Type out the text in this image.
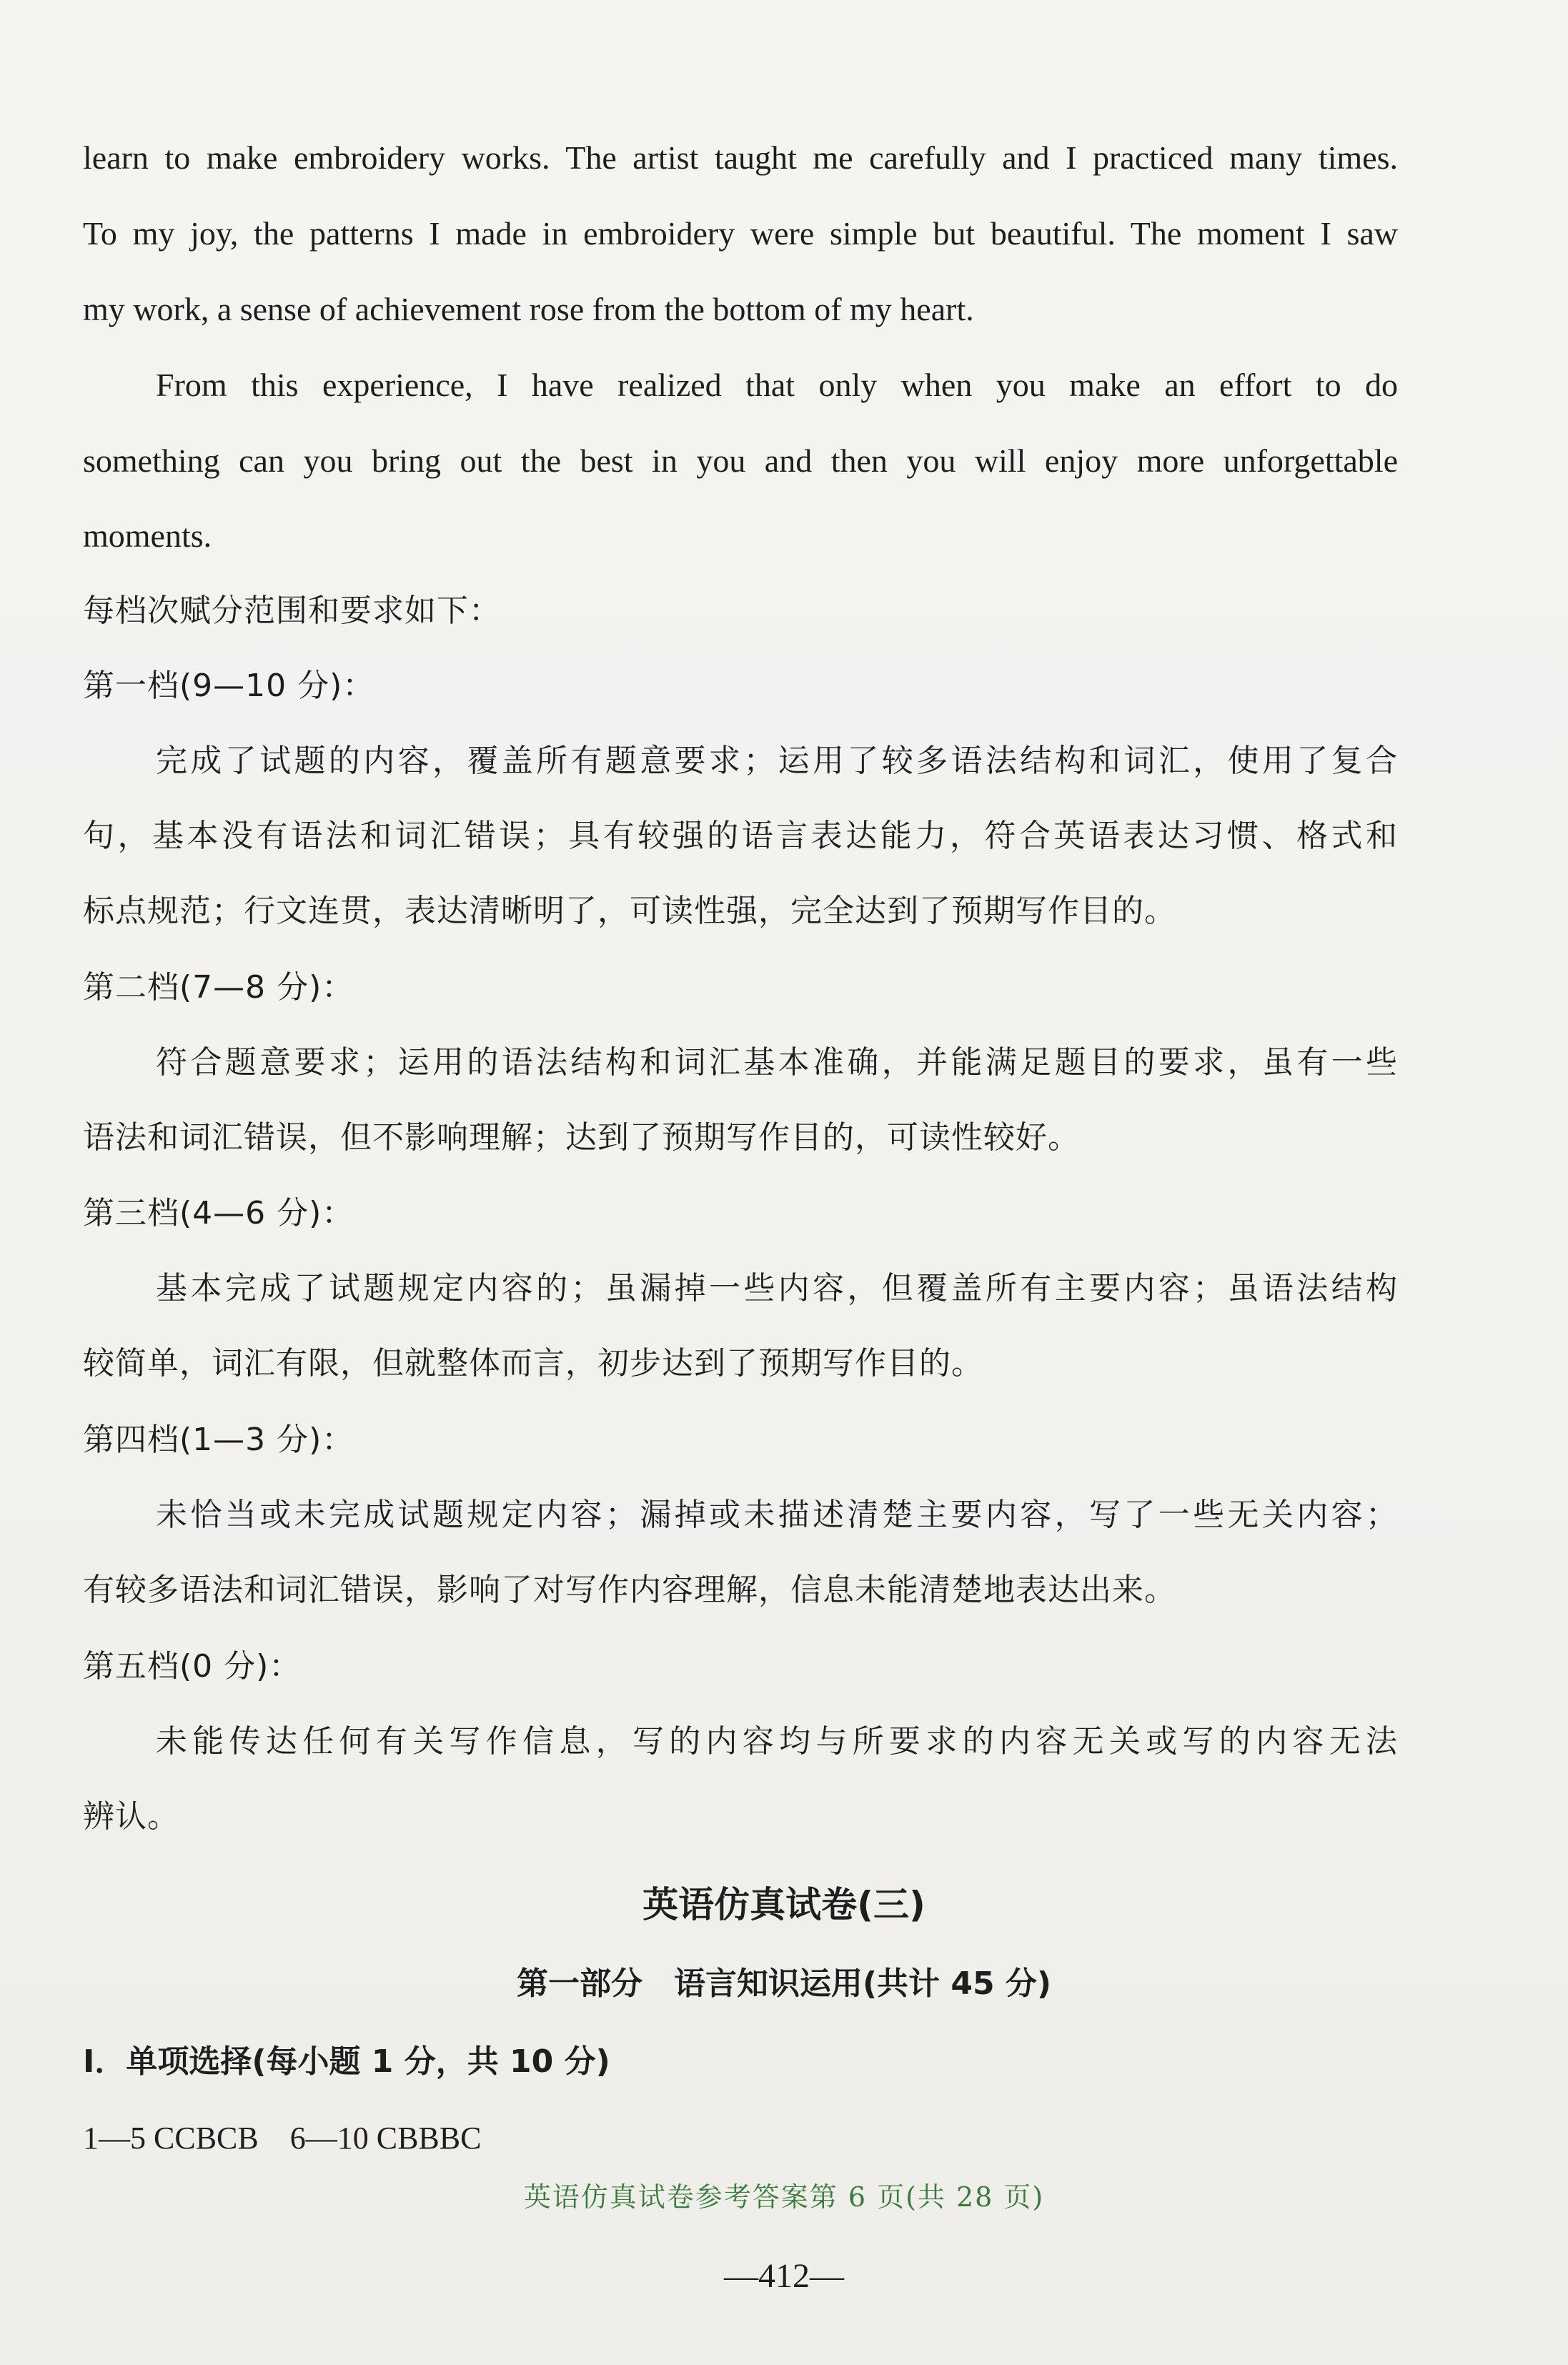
learn to make embroidery works. The artist taught me carefully and I practiced many times.
To my joy, the patterns I made in embroidery were simple but beautiful. The moment I saw
my work, a sense of achievement rose from the bottom of my heart.
From this experience, I have realized that only when you make an effort to do
something can you bring out the best in you and then you will enjoy more unforgettable
moments.
每档次赋分范围和要求如下：
第一档(9—10 分)：
完成了试题的内容，覆盖所有题意要求；运用了较多语法结构和词汇，使用了复合
句，基本没有语法和词汇错误；具有较强的语言表达能力，符合英语表达习惯、格式和
标点规范；行文连贯，表达清晰明了，可读性强，完全达到了预期写作目的。
第二档(7—8 分)：
符合题意要求；运用的语法结构和词汇基本准确，并能满足题目的要求，虽有一些
语法和词汇错误，但不影响理解；达到了预期写作目的，可读性较好。
第三档(4—6 分)：
基本完成了试题规定内容的；虽漏掉一些内容，但覆盖所有主要内容；虽语法结构
较简单，词汇有限，但就整体而言，初步达到了预期写作目的。
第四档(1—3 分)：
未恰当或未完成试题规定内容；漏掉或未描述清楚主要内容，写了一些无关内容；
有较多语法和词汇错误，影响了对写作内容理解，信息未能清楚地表达出来。
第五档(0 分)：
未能传达任何有关写作信息，写的内容均与所要求的内容无关或写的内容无法
辨认。
英语仿真试卷(三)
第一部分　语言知识运用(共计 45 分)
Ⅰ．单项选择(每小题 1 分，共 10 分)
1—5 CCBCB　6—10 CBBBC
英语仿真试卷参考答案第 6 页(共 28 页)
—412—
